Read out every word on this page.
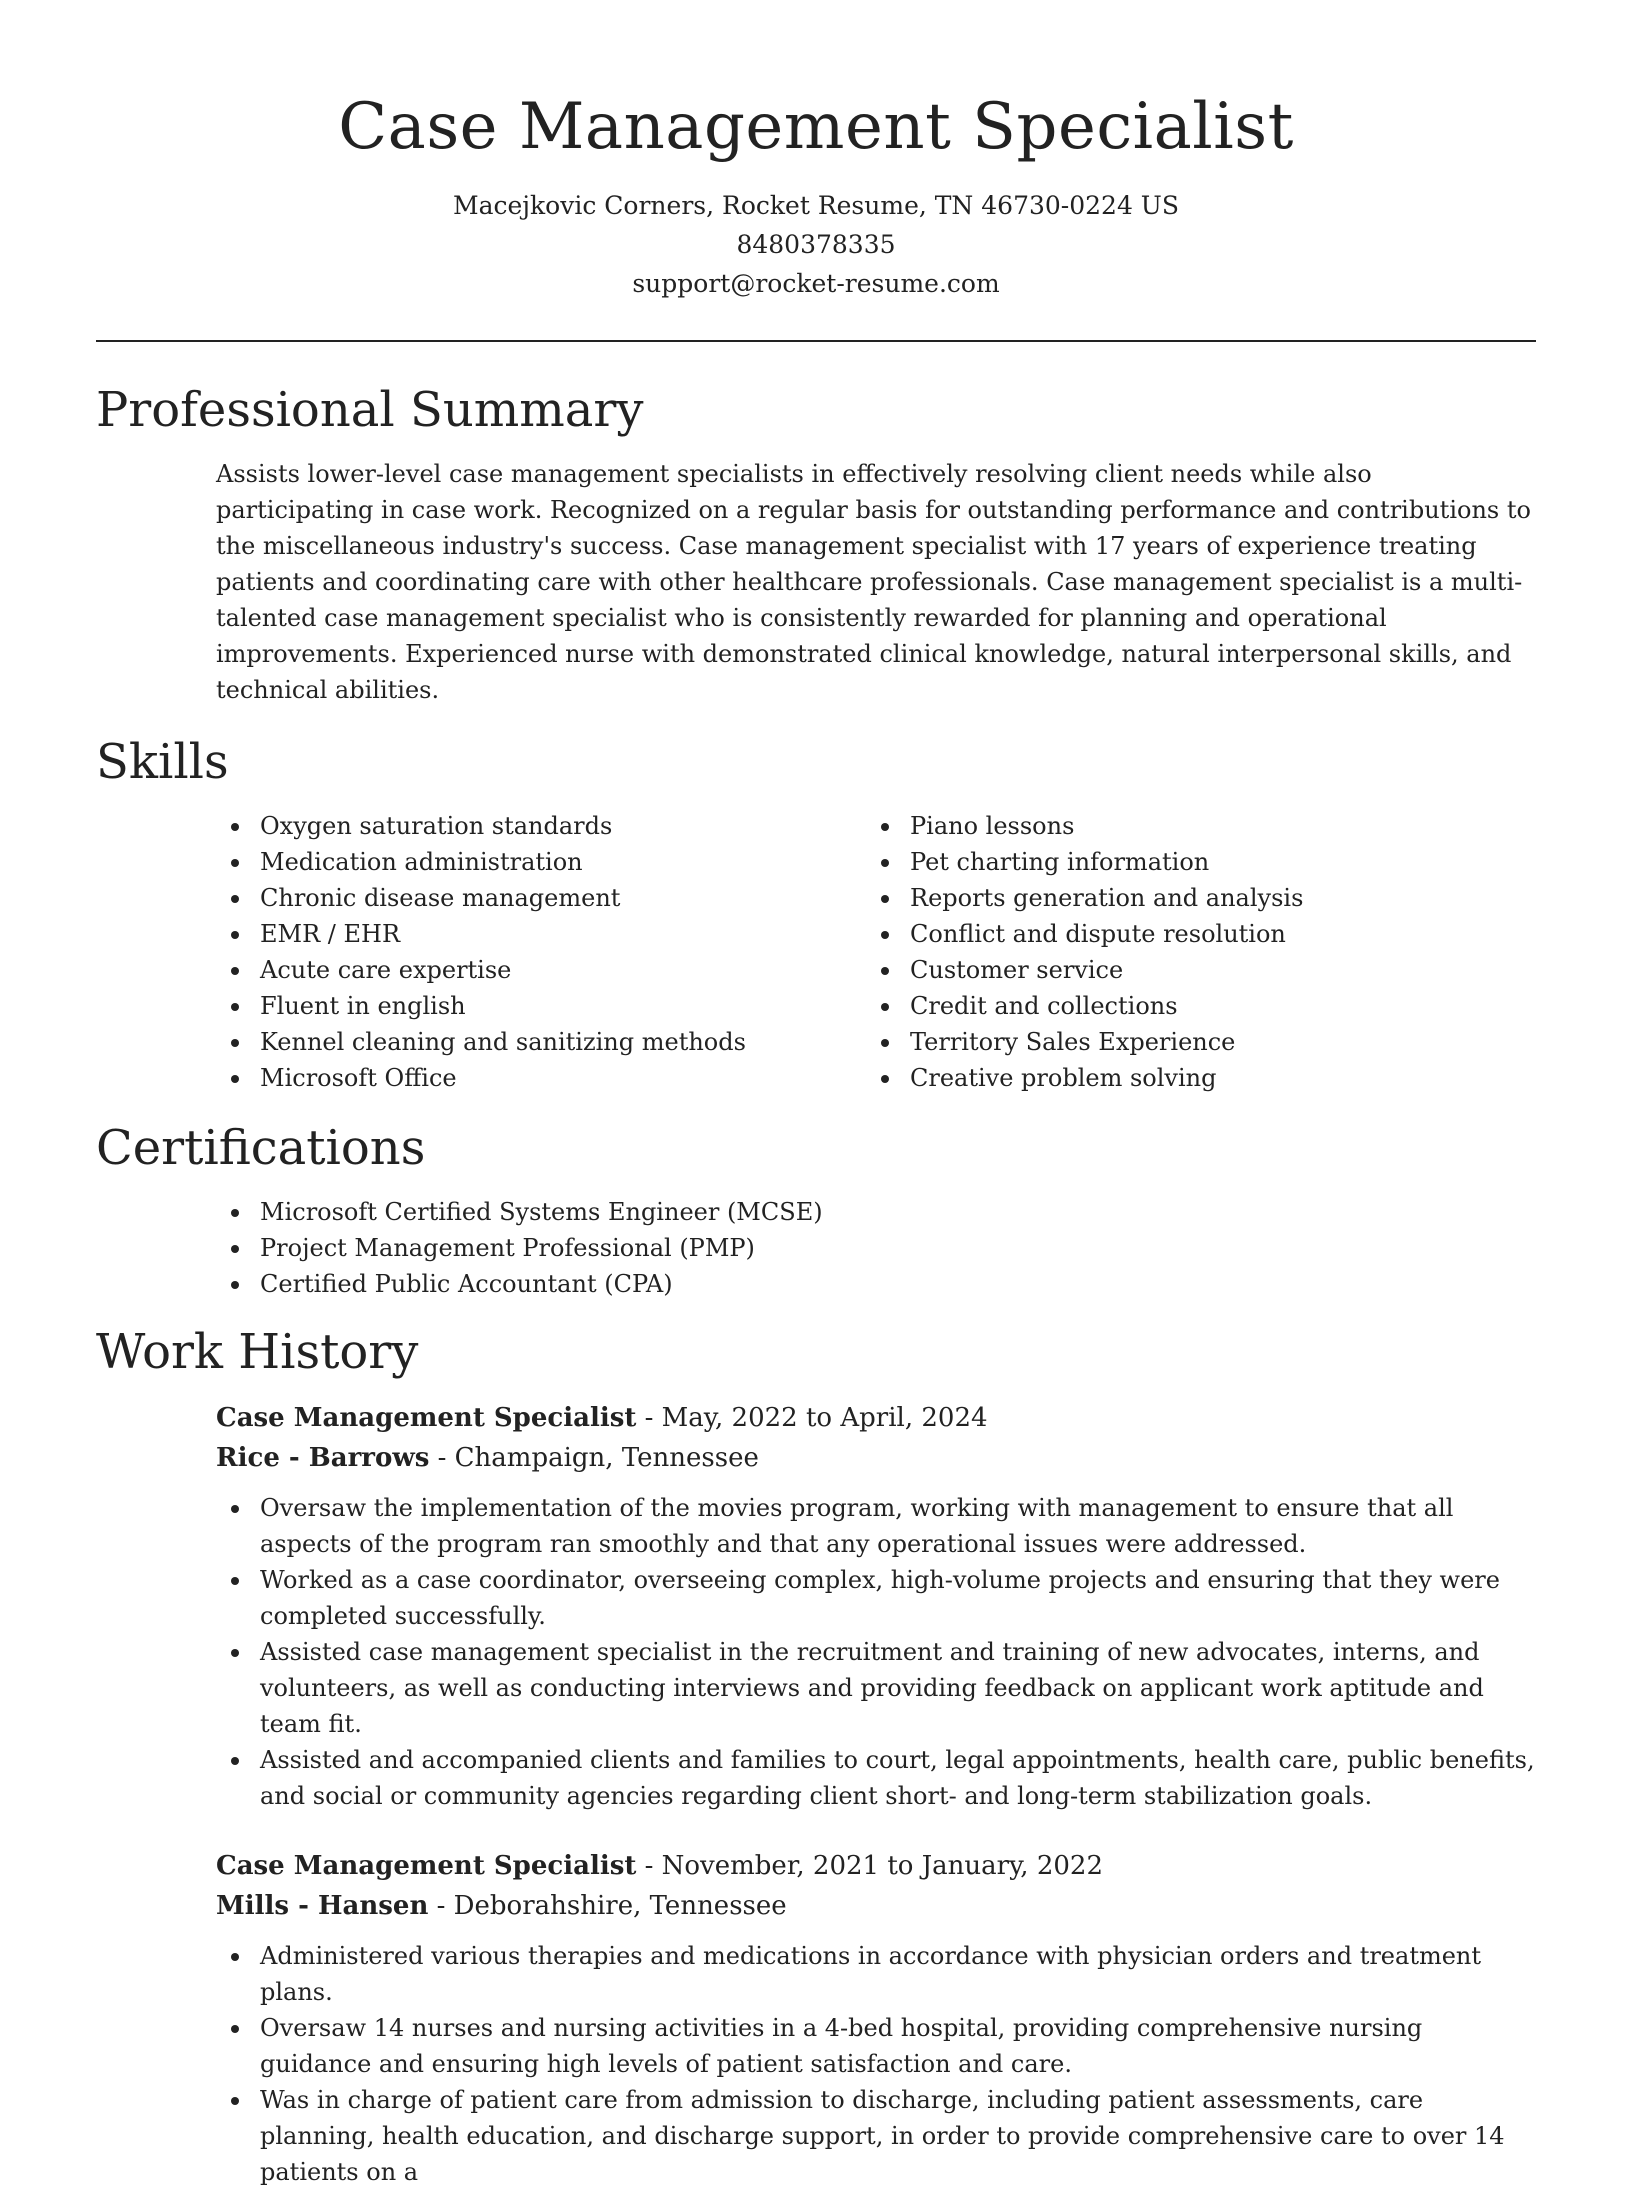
Case Management Specialist
Macejkovic Corners, Rocket Resume, TN 46730-0224 US
8480378335
support@rocket-resume.com
Professional Summary

Assists lower-level case management specialists in effectively resolving client needs while also participating in case work. Recognized on a regular basis for outstanding performance and contributions to the miscellaneous industry's success. Case management specialist with 17 years of experience treating patients and coordinating care with other healthcare professionals. Case management specialist is a multi-talented case management specialist who is consistently rewarded for planning and operational improvements. Experienced nurse with demonstrated clinical knowledge, natural interpersonal skills, and technical abilities.

Skills
Oxygen saturation standards
Medication administration
Chronic disease management
EMR / EHR
Acute care expertise
Fluent in english
Kennel cleaning and sanitizing methods
Microsoft Office
Piano lessons
Pet charting information
Reports generation and analysis
Conflict and dispute resolution
Customer service
Credit and collections
Territory Sales Experience
Creative problem solving
Certifications
Microsoft Certified Systems Engineer (MCSE)
Project Management Professional (PMP)
Certified Public Accountant (CPA)
Work History
Case Management Specialist - May, 2022 to April, 2024
Rice - Barrows - Champaign, Tennessee
Oversaw the implementation of the movies program, working with management to ensure that all aspects of the program ran smoothly and that any operational issues were addressed.
Worked as a case coordinator, overseeing complex, high-volume projects and ensuring that they were completed successfully.
Assisted case management specialist in the recruitment and training of new advocates, interns, and volunteers, as well as conducting interviews and providing feedback on applicant work aptitude and team fit.
Assisted and accompanied clients and families to court, legal appointments, health care, public benefits, and social or community agencies regarding client short- and long-term stabilization goals.
Case Management Specialist - November, 2021 to January, 2022
Mills - Hansen - Deborahshire, Tennessee
Administered various therapies and medications in accordance with physician orders and treatment plans.
Oversaw 14 nurses and nursing activities in a 4-bed hospital, providing comprehensive nursing guidance and ensuring high levels of patient satisfaction and care.
Was in charge of patient care from admission to discharge, including patient assessments, care planning, health education, and discharge support, in order to provide comprehensive care to over 14 patients on a
